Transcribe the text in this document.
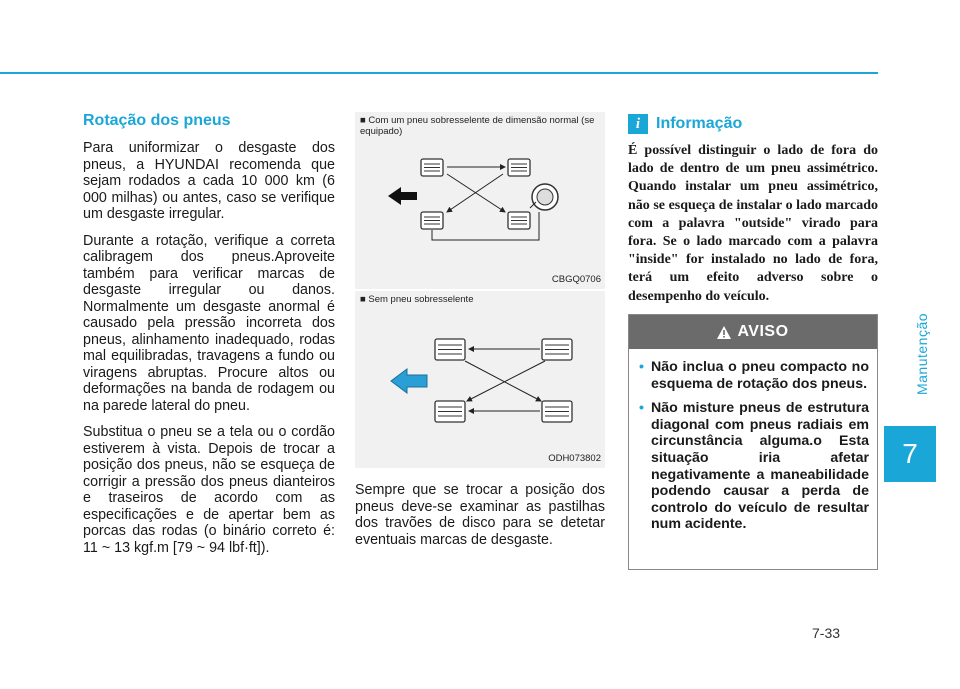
Manutenção
7
7-33
Rotação dos pneus

Para uniformizar o desgaste dos pneus, a HYUNDAI recomenda que sejam rodados a cada 10 000 km (6 000 milhas) ou antes, caso se verifique um desgaste irregular.

Durante a rotação, verifique a correta calibragem dos pneus.Aproveite também para verificar marcas de desgaste irregular ou danos. Normalmente um desgaste anormal é causado pela pressão incorreta dos pneus, alinhamento inadequado, rodas mal equilibradas, travagens a fundo ou viragens abruptas. Procure altos ou deformações na banda de rodagem ou na parede lateral do pneu.

Substitua o pneu se a tela ou o cordão estiverem à vista. Depois de trocar a posição dos pneus, não se esqueça de corrigir a pressão dos pneus dianteiros e traseiros de acordo com as especificações e de apertar bem as porcas das rodas (o binário correto é: 11 ~ 13 kgf.m [79 ~ 94 lbf·ft]).

■ Com um pneu sobresselente de dimensão normal (se equipado)
CBGQ0706
■ Sem pneu sobresselente
ODH073802

Sempre que se trocar a posição dos pneus deve-se examinar as pastilhas dos travões de disco para se detetar eventuais marcas de desgaste.

i Informação

É possível distinguir o lado de fora do lado de dentro de um pneu assimétrico. Quando instalar um pneu assimétrico, não se esqueça de instalar o lado marcado com a palavra "outside" virado para fora. Se o lado marcado com a palavra "inside" for instalado no lado de fora, terá um efeito adverso sobre o desempenho do veículo.

AVISO
• Não inclua o pneu compacto no esquema de rotação dos pneus.
• Não misture pneus de estrutura diagonal com pneus radiais em circunstância alguma.o Esta situação iria afetar negativamente a maneabilidade podendo causar a perda de controlo do veículo de resultar num acidente.
